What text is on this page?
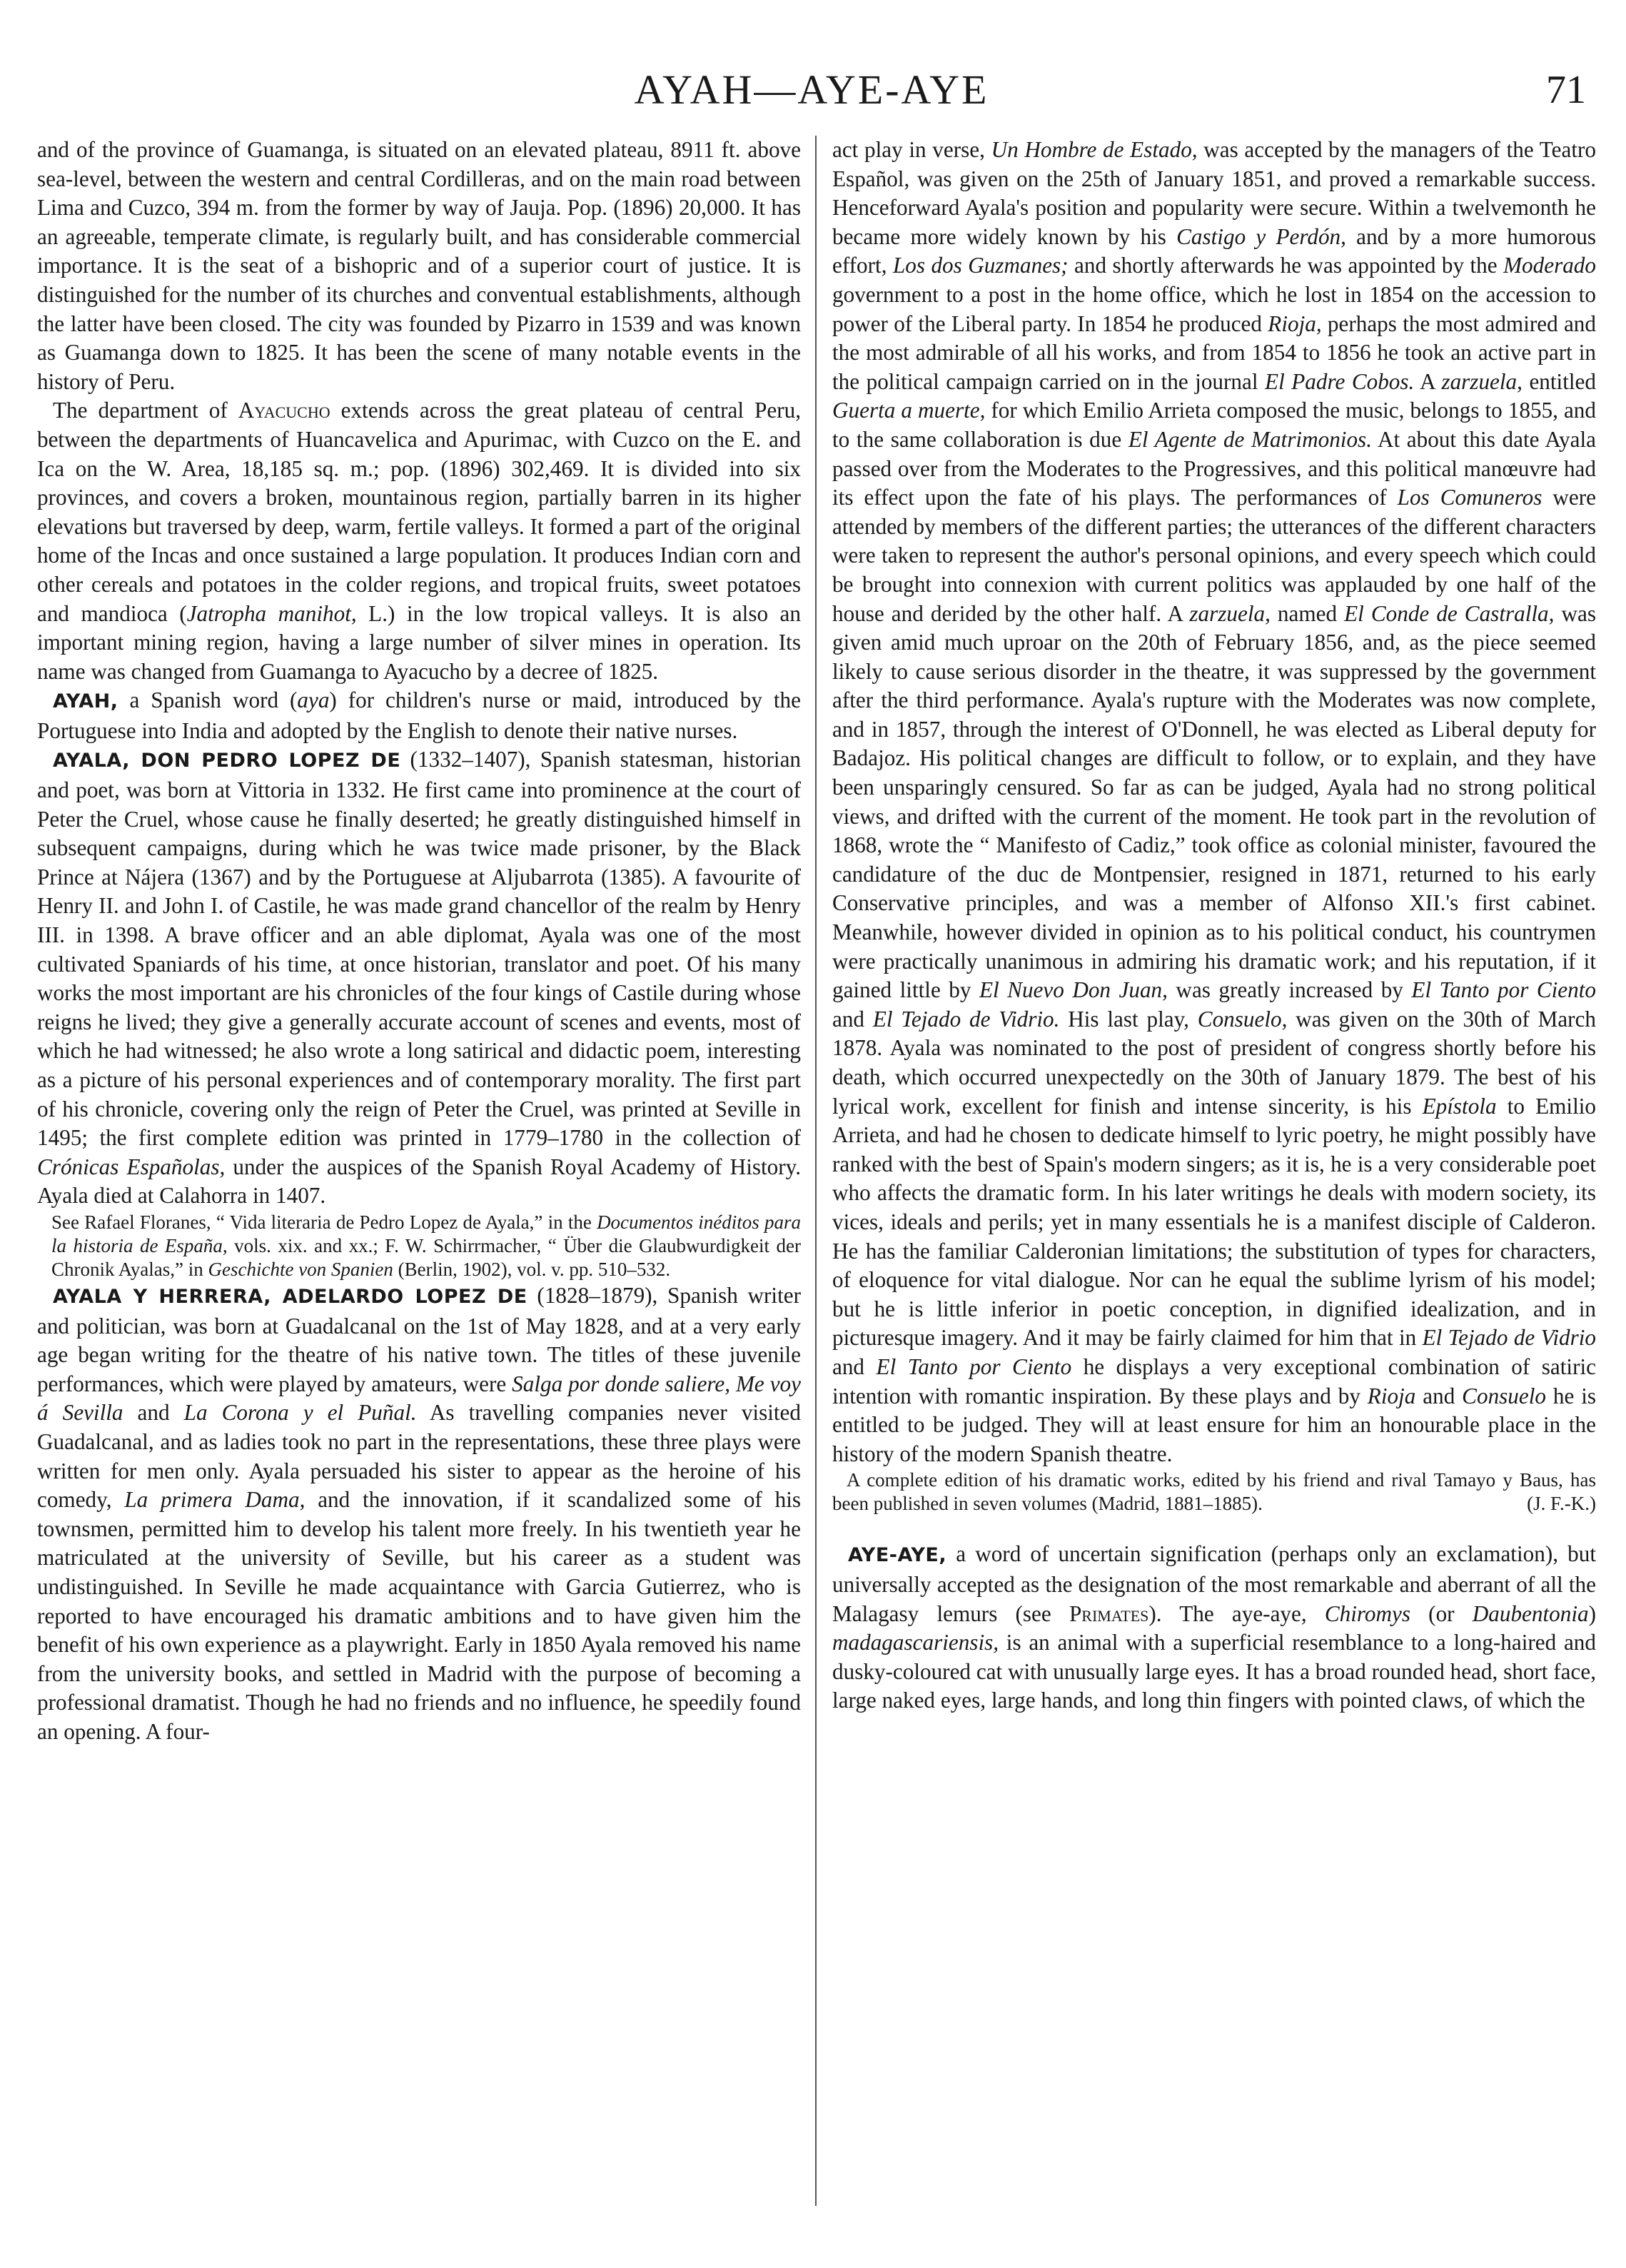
AYAH—AYE-AYE	71

and of the province of Guamanga, is situated on an elevated plateau, 8911 ft. above sea-level, between the western and central Cordilleras, and on the main road between Lima and Cuzco, 394 m. from the former by way of Jauja. Pop. (1896) 20,000. It has an agreeable, temperate climate, is regularly built, and has considerable commercial importance. It is the seat of a bishopric and of a superior court of justice. It is distinguished for the number of its churches and conventual establishments, although the latter have been closed. The city was founded by Pizarro in 1539 and was known as Guamanga down to 1825. It has been the scene of many notable events in the history of Peru.

The department of Ayacucho extends across the great plateau of central Peru, between the departments of Huancavelica and Apurimac, with Cuzco on the E. and Ica on the W. Area, 18,185 sq. m.; pop. (1896) 302,469. It is divided into six provinces, and covers a broken, mountainous region, partially barren in its higher elevations but traversed by deep, warm, fertile valleys. It formed a part of the original home of the Incas and once sustained a large population. It produces Indian corn and other cereals and potatoes in the colder regions, and tropical fruits, sweet potatoes and mandioca (Jatropha manihot, L.) in the low tropical valleys. It is also an important mining region, having a large number of silver mines in operation. Its name was changed from Guamanga to Ayacucho by a decree of 1825.

AYAH, a Spanish word (aya) for children's nurse or maid, introduced by the Portuguese into India and adopted by the English to denote their native nurses.

AYALA, DON PEDRO LOPEZ DE (1332–1407), Spanish statesman, historian and poet, was born at Vittoria in 1332. He first came into prominence at the court of Peter the Cruel, whose cause he finally deserted; he greatly distinguished himself in subsequent campaigns, during which he was twice made prisoner, by the Black Prince at Nájera (1367) and by the Portuguese at Aljubarrota (1385). A favourite of Henry II. and John I. of Castile, he was made grand chancellor of the realm by Henry III. in 1398. A brave officer and an able diplomat, Ayala was one of the most cultivated Spaniards of his time, at once historian, translator and poet. Of his many works the most important are his chronicles of the four kings of Castile during whose reigns he lived; they give a generally accurate account of scenes and events, most of which he had witnessed; he also wrote a long satirical and didactic poem, interesting as a picture of his personal experiences and of contemporary morality. The first part of his chronicle, covering only the reign of Peter the Cruel, was printed at Seville in 1495; the first complete edition was printed in 1779–1780 in the collection of Crónicas Españolas, under the auspices of the Spanish Royal Academy of History. Ayala died at Calahorra in 1407.

See Rafael Floranes, “ Vida literaria de Pedro Lopez de Ayala,” in the Documentos inéditos para la historia de España, vols. xix. and xx.; F. W. Schirrmacher, “ Über die Glaubwurdigkeit der Chronik Ayalas,” in Geschichte von Spanien (Berlin, 1902), vol. v. pp. 510–532.

AYALA Y HERRERA, ADELARDO LOPEZ DE (1828–1879), Spanish writer and politician, was born at Guadalcanal on the 1st of May 1828, and at a very early age began writing for the theatre of his native town. The titles of these juvenile performances, which were played by amateurs, were Salga por donde saliere, Me voy á Sevilla and La Corona y el Puñal. As travelling companies never visited Guadalcanal, and as ladies took no part in the representations, these three plays were written for men only. Ayala persuaded his sister to appear as the heroine of his comedy, La primera Dama, and the innovation, if it scandalized some of his townsmen, permitted him to develop his talent more freely. In his twentieth year he matriculated at the university of Seville, but his career as a student was undistinguished. In Seville he made acquaintance with Garcia Gutierrez, who is reported to have encouraged his dramatic ambitions and to have given him the benefit of his own experience as a playwright. Early in 1850 Ayala removed his name from the university books, and settled in Madrid with the purpose of becoming a professional dramatist. Though he had no friends and no influence, he speedily found an opening. A four-

act play in verse, Un Hombre de Estado, was accepted by the managers of the Teatro Español, was given on the 25th of January 1851, and proved a remarkable success. Henceforward Ayala's position and popularity were secure. Within a twelvemonth he became more widely known by his Castigo y Perdón, and by a more humorous effort, Los dos Guzmanes; and shortly afterwards he was appointed by the Moderado government to a post in the home office, which he lost in 1854 on the accession to power of the Liberal party. In 1854 he produced Rioja, perhaps the most admired and the most admirable of all his works, and from 1854 to 1856 he took an active part in the political campaign carried on in the journal El Padre Cobos. A zarzuela, entitled Guerta a muerte, for which Emilio Arrieta composed the music, belongs to 1855, and to the same collaboration is due El Agente de Matrimonios. At about this date Ayala passed over from the Moderates to the Progressives, and this political manœuvre had its effect upon the fate of his plays. The performances of Los Comuneros were attended by members of the different parties; the utterances of the different characters were taken to represent the author's personal opinions, and every speech which could be brought into connexion with current politics was applauded by one half of the house and derided by the other half. A zarzuela, named El Conde de Castralla, was given amid much uproar on the 20th of February 1856, and, as the piece seemed likely to cause serious disorder in the theatre, it was suppressed by the government after the third performance. Ayala's rupture with the Moderates was now complete, and in 1857, through the interest of O'Donnell, he was elected as Liberal deputy for Badajoz. His political changes are difficult to follow, or to explain, and they have been unsparingly censured. So far as can be judged, Ayala had no strong political views, and drifted with the current of the moment. He took part in the revolution of 1868, wrote the “ Manifesto of Cadiz,” took office as colonial minister, favoured the candidature of the duc de Montpensier, resigned in 1871, returned to his early Conservative principles, and was a member of Alfonso XII.'s first cabinet. Meanwhile, however divided in opinion as to his political conduct, his countrymen were practically unanimous in admiring his dramatic work; and his reputation, if it gained little by El Nuevo Don Juan, was greatly increased by El Tanto por Ciento and El Tejado de Vidrio. His last play, Consuelo, was given on the 30th of March 1878. Ayala was nominated to the post of president of congress shortly before his death, which occurred unexpectedly on the 30th of January 1879. The best of his lyrical work, excellent for finish and intense sincerity, is his Epístola to Emilio Arrieta, and had he chosen to dedicate himself to lyric poetry, he might possibly have ranked with the best of Spain's modern singers; as it is, he is a very considerable poet who affects the dramatic form. In his later writings he deals with modern society, its vices, ideals and perils; yet in many essentials he is a manifest disciple of Calderon. He has the familiar Calderonian limitations; the substitution of types for characters, of eloquence for vital dialogue. Nor can he equal the sublime lyrism of his model; but he is little inferior in poetic conception, in dignified idealization, and in picturesque imagery. And it may be fairly claimed for him that in El Tejado de Vidrio and El Tanto por Ciento he displays a very exceptional combination of satiric intention with romantic inspiration. By these plays and by Rioja and Consuelo he is entitled to be judged. They will at least ensure for him an honourable place in the history of the modern Spanish theatre.

A complete edition of his dramatic works, edited by his friend and rival Tamayo y Baus, has been published in seven volumes (Madrid, 1881–1885).	(J. F.-K.)

AYE-AYE, a word of uncertain signification (perhaps only an exclamation), but universally accepted as the designation of the most remarkable and aberrant of all the Malagasy lemurs (see Primates). The aye-aye, Chiromys (or Daubentonia) madagascariensis, is an animal with a superficial resemblance to a long-haired and dusky-coloured cat with unusually large eyes. It has a broad rounded head, short face, large naked eyes, large hands, and long thin fingers with pointed claws, of which the
